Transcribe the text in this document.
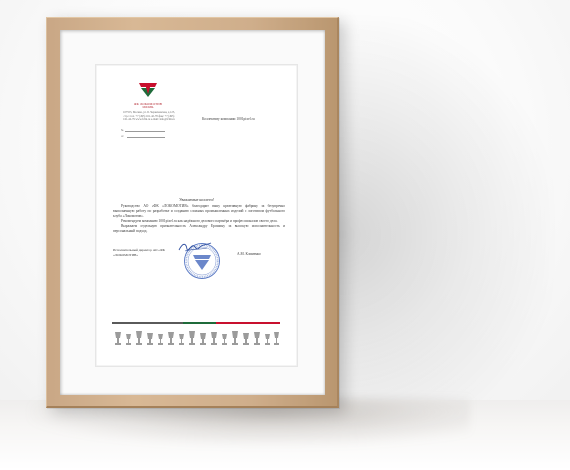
ФК ЛОКОМОТИВ
МОСКВА
107553, Москва, ул. Б. Черкизовская, д.125, стр.1 тел. +7 (495) 161-42-78 факс +7 (495) 161-42-79 www.fclm.ru e-mail: info@fclm.ru
№
от
Коллективу компании 1001pixel.ru
Уважаемые коллеги!

Руководство АО «ФК «ЛОКОМОТИВ» благодарит вашу креативную фабрику за безупречно выполненную работу по разработке и созданию сложных промышленных изделий с логотипом футбольного клуба «Локомотив».

Рекомендуем компанию 1001pixel.ru как надёжного делового партнёра и профессионалов своего дела.

Выражаем отдельную признательность Александру Ерошину за высокую исполнительность и персональный подход.

Исполнительный директор АО «ФК «ЛОКОМОТИВ»	А.М. Клименко
